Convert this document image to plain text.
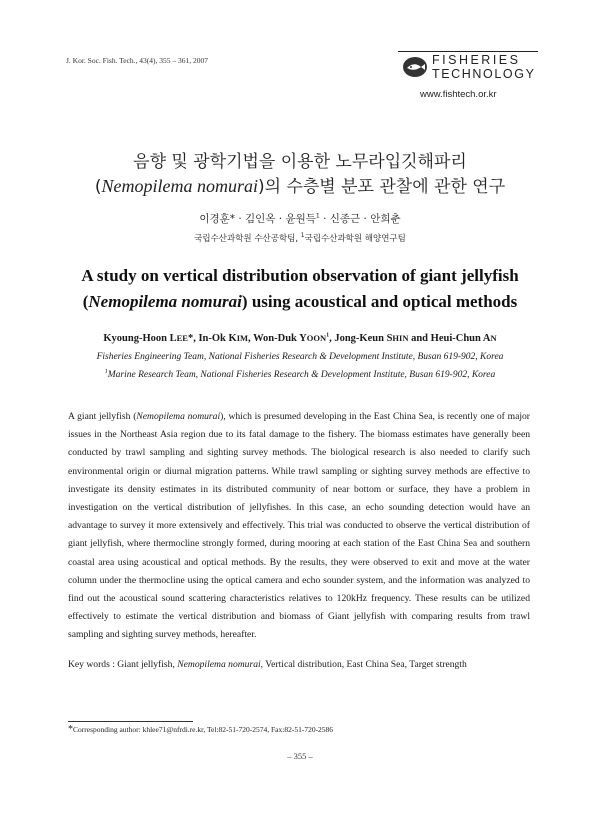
J. Kor. Soc. Fish. Tech., 43(4), 355 – 361, 2007	FISHERIES
TECHNOLOGY
www.fishtech.or.kr
음향 및 광학기법을 이용한 노무라입깃해파리
(Nemopilema nomurai)의 수층별 분포 관찰에 관한 연구
이경훈* · 김인옥 · 윤원득$^1$ · 신종근 · 안희춘
국립수산과학원 수산공학팀, $^1$국립수산과학원 해양연구팀
A study on vertical distribution observation of giant jellyfish
(Nemopilema nomurai) using acoustical and optical methods
Kyoung-Hoon LEE*, In-Ok KIM, Won-Duk YOON$^1$, Jong-Keun SHIN and Heui-Chun AN
Fisheries Engineering Team, National Fisheries Research & Development Institute, Busan 619-902, Korea
$^1$Marine Research Team, National Fisheries Research & Development Institute, Busan 619-902, Korea

A giant jellyfish (Nemopilema nomurai), which is presumed developing in the East China Sea, is recently one of major issues in the Northeast Asia region due to its fatal damage to the fishery. The biomass estimates have generally been conducted by trawl sampling and sighting survey methods. The biological research is also needed to clarify such environmental origin or diurnal migration patterns. While trawl sampling or sighting survey methods are effective to investigate its density estimates in its distributed community of near bottom or surface, they have a problem in investigation on the vertical distribution of jellyfishes. In this case, an echo sounding detection would have an advantage to survey it more extensively and effectively. This trial was conducted to observe the vertical distribution of giant jellyfish, where thermocline strongly formed, during mooring at each station of the East China Sea and southern coastal area using acoustical and optical methods. By the results, they were observed to exit and move at the water column under the thermocline using the optical camera and echo sounder system, and the information was analyzed to find out the acoustical sound scattering characteristics relatives to 120kHz frequency. These results can be utilized effectively to estimate the vertical distribution and biomass of Giant jellyfish with comparing results from trawl sampling and sighting survey methods, hereafter.

Key words : Giant jellyfish, Nemopilema nomurai, Vertical distribution, East China Sea, Target strength
*Corresponding author: khlee71@nfrdi.re.kr, Tel:82-51-720-2574, Fax:82-51-720-2586
– 355 –
